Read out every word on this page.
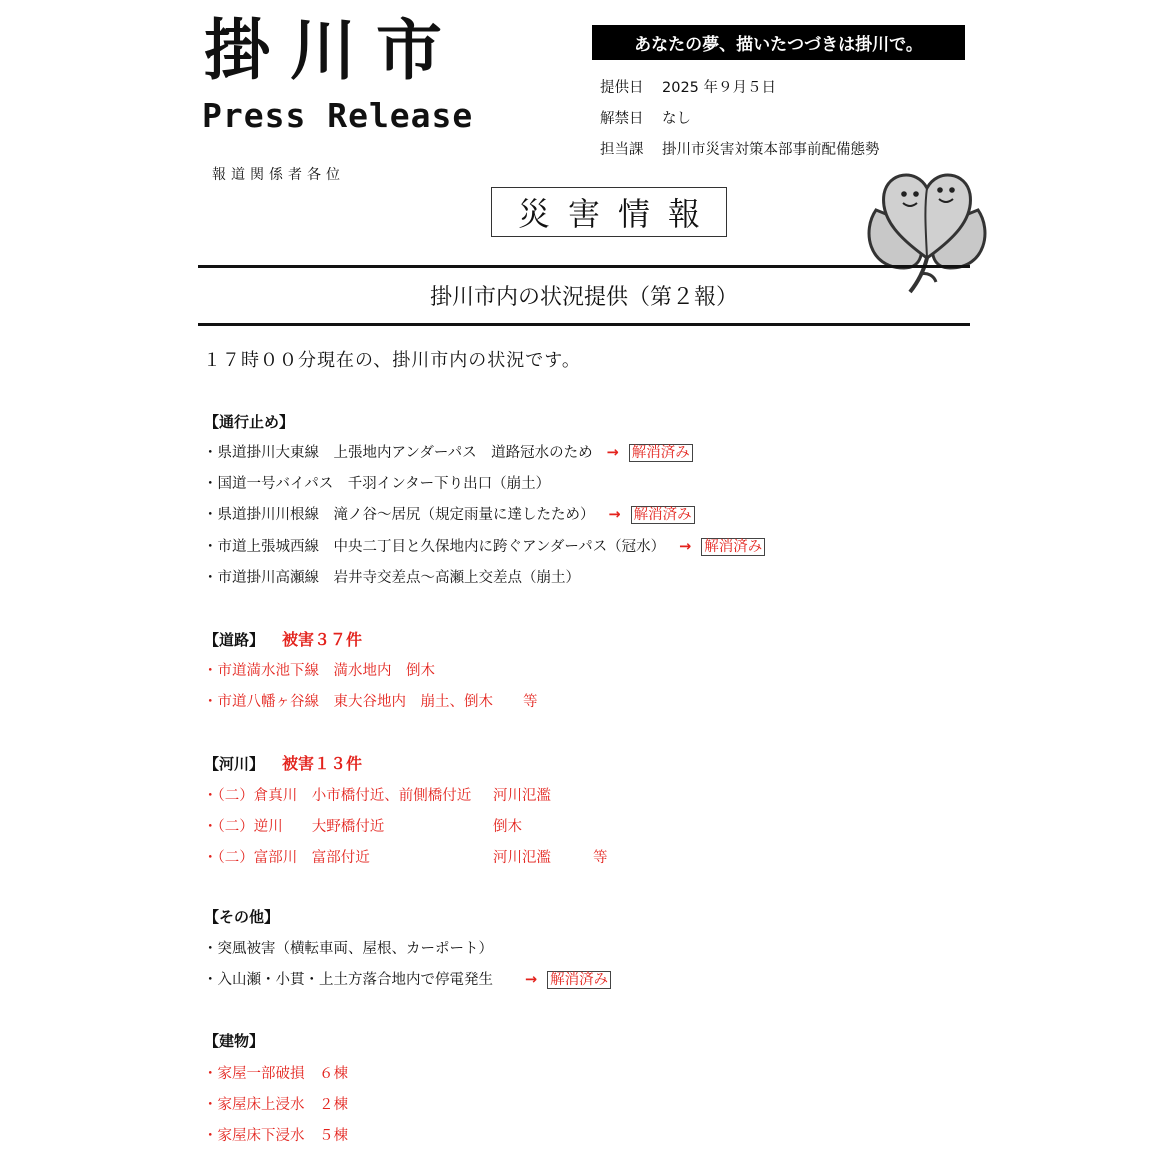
掛川市
Press Release
報道関係者各位
あなたの夢、描いたつづきは掛川で。
提供日 2025 年９月５日
解禁日 なし
担当課 掛川市災害対策本部事前配備態勢
災害情報
掛川市内の状況提供（第２報）
１７時００分現在の、掛川市内の状況です。
【通行止め】
・県道掛川大東線　上張地内アンダーパス　道路冠水のため → 解消済み
・国道一号バイパス　千羽インター下り出口（崩土）
・県道掛川川根線　滝ノ谷～居尻（規定雨量に達したため） → 解消済み
・市道上張城西線　中央二丁目と久保地内に跨ぐアンダーパス（冠水） → 解消済み
・市道掛川高瀬線　岩井寺交差点～高瀬上交差点（崩土）
【道路】 被害３７件
・市道満水池下線　満水地内　倒木
・市道八幡ヶ谷線　東大谷地内　崩土、倒木 等
【河川】 被害１３件
・（二）倉真川　小市橋付近、前側橋付近 河川氾濫
・（二）逆川　　大野橋付近	倒木
・（二）富部川　富部付近	河川氾濫	等
【その他】
・突風被害（横転車両、屋根、カーポート）
・入山瀬・小貫・上土方落合地内で停電発生 → 解消済み
【建物】
・家屋一部破損　６棟
・家屋床上浸水　２棟
・家屋床下浸水　５棟
